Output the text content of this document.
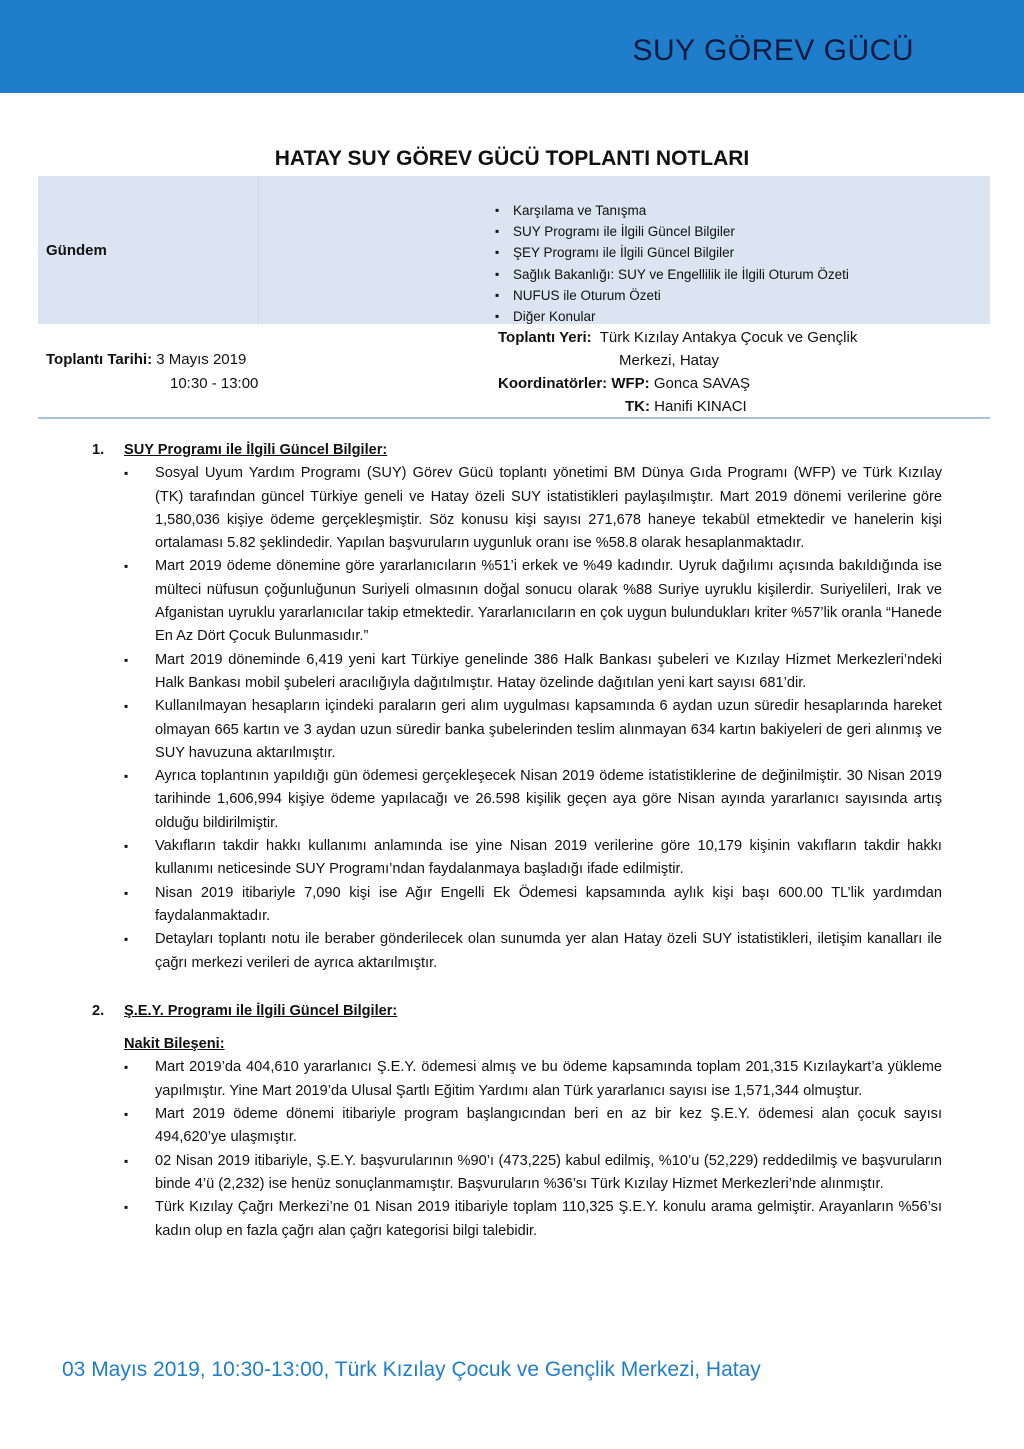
SUY GÖREV GÜCÜ
HATAY SUY GÖREV GÜCÜ TOPLANTI NOTLARI
Gündem
▪ Karşılama ve Tanışma
▪ SUY Programı ile İlgili Güncel Bilgiler
▪ ŞEY Programı ile İlgili Güncel Bilgiler
▪ Sağlık Bakanlığı: SUY ve Engellilik ile İlgili Oturum Özeti
▪ NUFUS ile Oturum Özeti
▪ Diğer Konular
Toplantı Tarihi: 3 Mayıs 2019
10:30 - 13:00
Toplantı Yeri: Türk Kızılay Antakya Çocuk ve Gençlik
Merkezi, Hatay
Koordinatörler: WFP: Gonca SAVAŞ
TK: Hanifi KINACI
1.	SUY Programı ile İlgili Güncel Bilgiler:
▪ Sosyal Uyum Yardım Programı (SUY) Görev Gücü toplantı yönetimi BM Dünya Gıda Programı (WFP) ve Türk Kızılay (TK) tarafından güncel Türkiye geneli ve Hatay özeli SUY istatistikleri paylaşılmıştır. Mart 2019 dönemi verilerine göre 1,580,036 kişiye ödeme gerçekleşmiştir. Söz konusu kişi sayısı 271,678 haneye tekabül etmektedir ve hanelerin kişi ortalaması 5.82 şeklindedir. Yapılan başvuruların uygunluk oranı ise %58.8 olarak hesaplanmaktadır.
▪ Mart 2019 ödeme dönemine göre yararlanıcıların %51’i erkek ve %49 kadındır. Uyruk dağılımı açısında bakıldığında ise mülteci nüfusun çoğunluğunun Suriyeli olmasının doğal sonucu olarak %88 Suriye uyruklu kişilerdir. Suriyelileri, Irak ve Afganistan uyruklu yararlanıcılar takip etmektedir. Yararlanıcıların en çok uygun bulundukları kriter %57’lik oranla “Hanede En Az Dört Çocuk Bulunmasıdır.”
▪ Mart 2019 döneminde 6,419 yeni kart Türkiye genelinde 386 Halk Bankası şubeleri ve Kızılay Hizmet Merkezleri’ndeki Halk Bankası mobil şubeleri aracılığıyla dağıtılmıştır. Hatay özelinde dağıtılan yeni kart sayısı 681’dir.
▪ Kullanılmayan hesapların içindeki paraların geri alım uygulması kapsamında 6 aydan uzun süredir hesaplarında hareket olmayan 665 kartın ve 3 aydan uzun süredir banka şubelerinden teslim alınmayan 634 kartın bakiyeleri de geri alınmış ve SUY havuzuna aktarılmıştır.
▪ Ayrıca toplantının yapıldığı gün ödemesi gerçekleşecek Nisan 2019 ödeme istatistiklerine de değinilmiştir. 30 Nisan 2019 tarihinde 1,606,994 kişiye ödeme yapılacağı ve 26.598 kişilik geçen aya göre Nisan ayında yararlanıcı sayısında artış olduğu bildirilmiştir.
▪ Vakıfların takdir hakkı kullanımı anlamında ise yine Nisan 2019 verilerine göre 10,179 kişinin vakıfların takdir hakkı kullanımı neticesinde SUY Programı’ndan faydalanmaya başladığı ifade edilmiştir.
▪ Nisan 2019 itibariyle 7,090 kişi ise Ağır Engelli Ek Ödemesi kapsamında aylık kişi başı 600.00 TL’lik yardımdan faydalanmaktadır.
▪ Detayları toplantı notu ile beraber gönderilecek olan sunumda yer alan Hatay özeli SUY istatistikleri, iletişim kanalları ile çağrı merkezi verileri de ayrıca aktarılmıştır.
2.	Ş.E.Y. Programı ile İlgili Güncel Bilgiler:
Nakit Bileşeni:
▪ Mart 2019’da 404,610 yararlanıcı Ş.E.Y. ödemesi almış ve bu ödeme kapsamında toplam 201,315 Kızılaykart’a yükleme yapılmıştır. Yine Mart 2019’da Ulusal Şartlı Eğitim Yardımı alan Türk yararlanıcı sayısı ise 1,571,344 olmuştur.
▪ Mart 2019 ödeme dönemi itibariyle program başlangıcından beri en az bir kez Ş.E.Y. ödemesi alan çocuk sayısı 494,620’ye ulaşmıştır.
▪ 02 Nisan 2019 itibariyle, Ş.E.Y. başvurularının %90’ı (473,225) kabul edilmiş, %10’u (52,229) reddedilmiş ve başvuruların binde 4’ü (2,232) ise henüz sonuçlanmamıştır. Başvuruların %36’sı Türk Kızılay Hizmet Merkezleri’nde alınmıştır.
▪ Türk Kızılay Çağrı Merkezi’ne 01 Nisan 2019 itibariyle toplam 110,325 Ş.E.Y. konulu arama gelmiştir. Arayanların %56’sı kadın olup en fazla çağrı alan çağrı kategorisi bilgi talebidir.
03 Mayıs 2019, 10:30-13:00, Türk Kızılay Çocuk ve Gençlik Merkezi, Hatay
